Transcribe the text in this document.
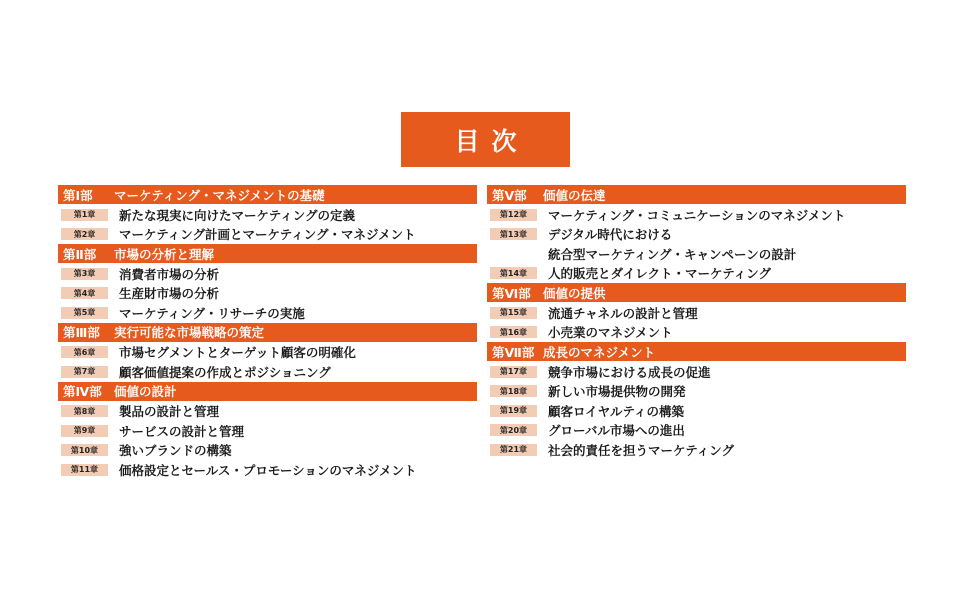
目次
第Ⅰ部	マーケティング・マネジメントの基礎
第1章	新たな現実に向けたマーケティングの定義
第2章	マーケティング計画とマーケティング・マネジメント
第Ⅱ部	市場の分析と理解
第3章	消費者市場の分析
第4章	生産財市場の分析
第5章	マーケティング・リサーチの実施
第Ⅲ部	実行可能な市場戦略の策定
第6章	市場セグメントとターゲット顧客の明確化
第7章	顧客価値提案の作成とポジショニング
第Ⅳ部 価値の設計
第8章	製品の設計と管理
第9章	サービスの設計と管理
第10章	強いブランドの構築
第11章	価格設定とセールス・プロモーションのマネジメント
第Ⅴ部	価値の伝達
第12章	マーケティング・コミュニケーションのマネジメント
第13章	デジタル時代における
統合型マーケティング・キャンペーンの設計
第14章	人的販売とダイレクト・マーケティング
第Ⅵ部 価値の提供
第15章	流通チャネルの設計と管理
第16章	小売業のマネジメント
第Ⅶ部 成長のマネジメント
第17章	競争市場における成長の促進
第18章	新しい市場提供物の開発
第19章	顧客ロイヤルティの構築
第20章	グローバル市場への進出
第21章	社会的責任を担うマーケティング
